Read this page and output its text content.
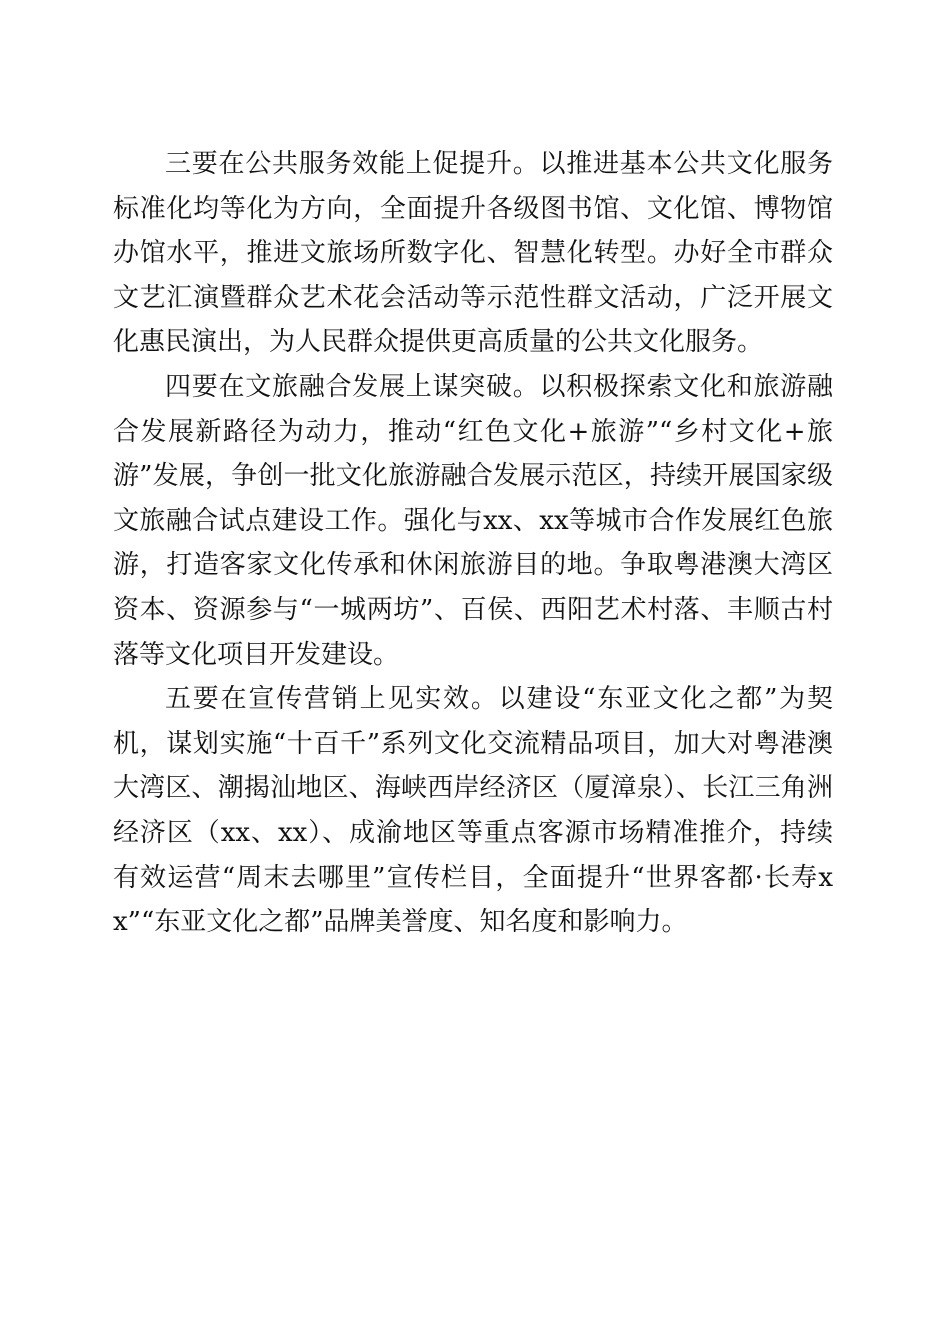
三要在公共服务效能上促提升。以推进基本公共文化服务标准化均等化为方向，全面提升各级图书馆、文化馆、博物馆办馆水平，推进文旅场所数字化、智慧化转型。办好全市群众文艺汇演暨群众艺术花会活动等示范性群文活动，广泛开展文化惠民演出，为人民群众提供更高质量的公共文化服务。

四要在文旅融合发展上谋突破。以积极探索文化和旅游融合发展新路径为动力，推动“红色文化+旅游”“乡村文化+旅游”发展，争创一批文化旅游融合发展示范区，持续开展国家级文旅融合试点建设工作。强化与xx、xx等城市合作发展红色旅游，打造客家文化传承和休闲旅游目的地。争取粤港澳大湾区资本、资源参与“一城两坊”、百侯、西阳艺术村落、丰顺古村落等文化项目开发建设。

五要在宣传营销上见实效。以建设“东亚文化之都”为契机，谋划实施“十百千”系列文化交流精品项目，加大对粤港澳大湾区、潮揭汕地区、海峡西岸经济区（厦漳泉）、长江三角洲经济区（xx、xx）、成渝地区等重点客源市场精准推介，持续有效运营“周末去哪里”宣传栏目，全面提升“世界客都·长寿xx”“东亚文化之都”品牌美誉度、知名度和影响力。
